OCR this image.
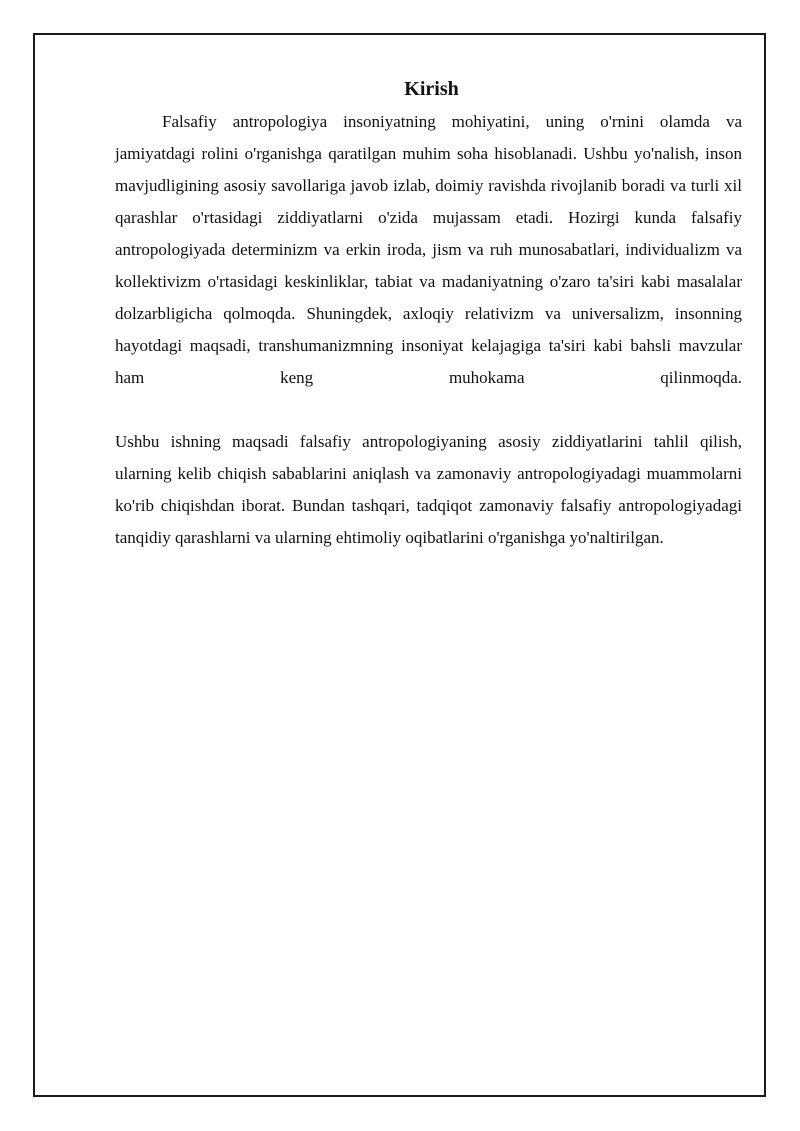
Kirish

Falsafiy antropologiya insoniyatning mohiyatini, uning o'rnini olamda va jamiyatdagi rolini o'rganishga qaratilgan muhim soha hisoblanadi. Ushbu yo'nalish, inson mavjudligining asosiy savollariga javob izlab, doimiy ravishda rivojlanib boradi va turli xil qarashlar o'rtasidagi ziddiyatlarni o'zida mujassam etadi. Hozirgi kunda falsafiy antropologiyada determinizm va erkin iroda, jism va ruh munosabatlari, individualizm va kollektivizm o'rtasidagi keskinliklar, tabiat va madaniyatning o'zaro ta'siri kabi masalalar dolzarbligicha qolmoqda. Shuningdek, axloqiy relativizm va universalizm, insonning hayotdagi maqsadi, transhumanizmning insoniyat kelajagiga ta'siri kabi bahsli mavzular ham keng muhokama qilinmoqda.

Ushbu ishning maqsadi falsafiy antropologiyaning asosiy ziddiyatlarini tahlil qilish, ularning kelib chiqish sabablarini aniqlash va zamonaviy antropologiyadagi muammolarni ko'rib chiqishdan iborat. Bundan tashqari, tadqiqot zamonaviy falsafiy antropologiyadagi tanqidiy qarashlarni va ularning ehtimoliy oqibatlarini o'rganishga yo'naltirilgan.
